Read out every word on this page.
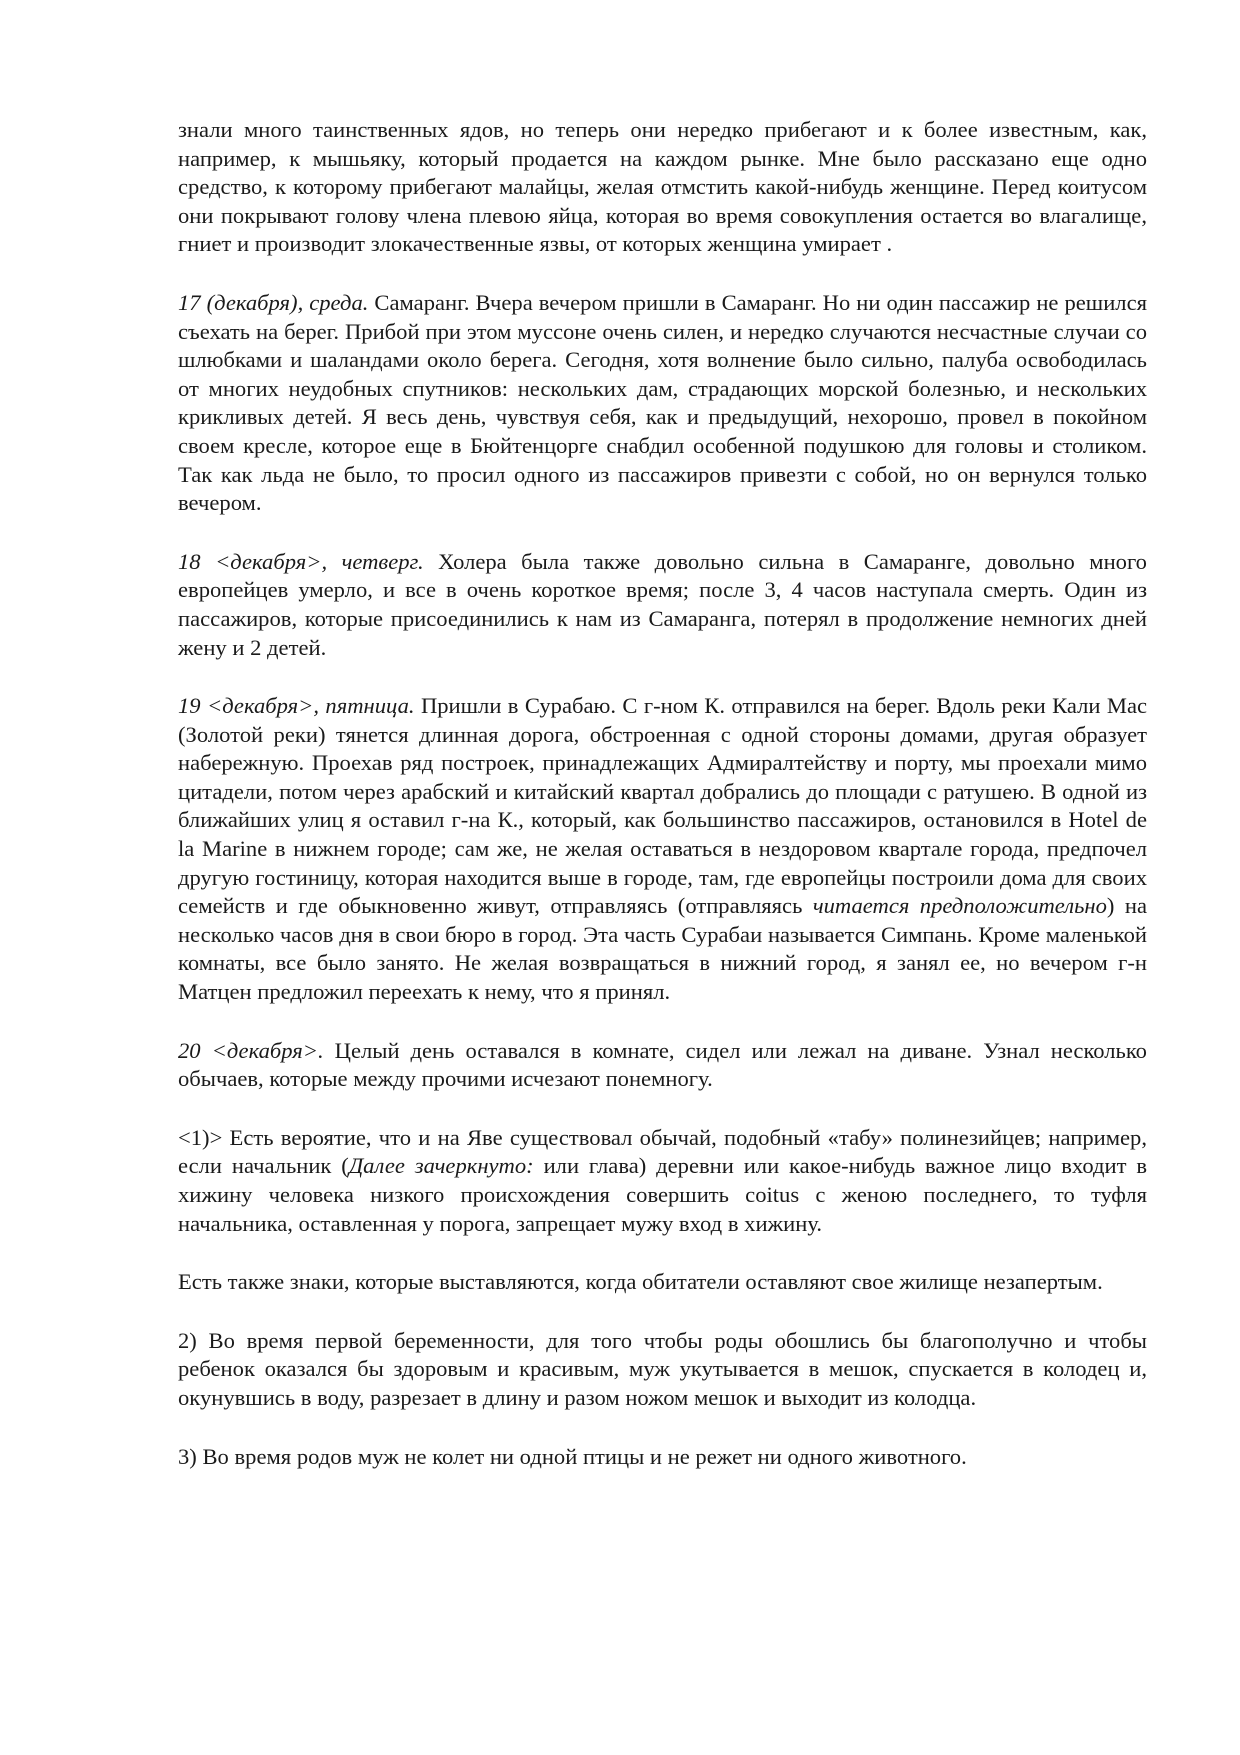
знали много таинственных ядов, но теперь они нередко прибегают и к более известным, как, например, к мышьяку, который продается на каждом рынке. Мне было рассказано еще одно средство, к которому прибегают малайцы, желая отмстить какой-нибудь женщине. Перед коитусом они покрывают голову члена плевою яйца, которая во время совокупления остается во влагалище, гниет и производит злокачественные язвы, от которых женщина умирает .

17 (декабря), среда. Самаранг. Вчера вечером пришли в Самаранг. Но ни один пассажир не решился съехать на берег. Прибой при этом муссоне очень силен, и нередко случаются несчастные случаи со шлюбками и шаландами около берега. Сегодня, хотя волнение было сильно, палуба освободилась от многих неудобных спутников: нескольких дам, страдающих морской болезнью, и нескольких крикливых детей. Я весь день, чувствуя себя, как и предыдущий, нехорошо, провел в покойном своем кресле, которое еще в Бюйтенцорге снабдил особенной подушкою для головы и столиком. Так как льда не было, то просил одного из пассажиров привезти с собой, но он вернулся только вечером.

18 <декабря>, четверг. Холера была также довольно сильна в Самаранге, довольно много европейцев умерло, и все в очень короткое время; после 3, 4 часов наступала смерть. Один из пассажиров, которые присоединились к нам из Самаранга, потерял в продолжение немногих дней жену и 2 детей.

19 <декабря>, пятница. Пришли в Сурабаю. С г-ном К. отправился на берег. Вдоль реки Кали Мас (Золотой реки) тянется длинная дорога, обстроенная с одной стороны домами, другая образует набережную. Проехав ряд построек, принадлежащих Адмиралтейству и порту, мы проехали мимо цитадели, потом через арабский и китайский квартал добрались до площади с ратушею. В одной из ближайших улиц я оставил г-на К., который, как большинство пассажиров, остановился в Hotel de la Marine в нижнем городе; сам же, не желая оставаться в нездоровом квартале города, предпочел другую гостиницу, которая находится выше в городе, там, где европейцы построили дома для своих семейств и где обыкновенно живут, отправляясь (отправляясь читается предположительно) на несколько часов дня в свои бюро в город. Эта часть Сурабаи называется Симпань. Кроме маленькой комнаты, все было занято. Не желая возвращаться в нижний город, я занял ее, но вечером г-н Матцен предложил переехать к нему, что я принял.

20 <декабря>. Целый день оставался в комнате, сидел или лежал на диване. Узнал несколько обычаев, которые между прочими исчезают понемногу.

<1)> Есть вероятие, что и на Яве существовал обычай, подобный «табу» полинезийцев; например, если начальник (Далее зачеркнуто: или глава) деревни или какое-нибудь важное лицо входит в хижину человека низкого происхождения совершить coitus с женою последнего, то туфля начальника, оставленная у порога, запрещает мужу вход в хижину.

Есть также знаки, которые выставляются, когда обитатели оставляют свое жилище незапертым.

2) Во время первой беременности, для того чтобы роды обошлись бы благополучно и чтобы ребенок оказался бы здоровым и красивым, муж укутывается в мешок, спускается в колодец и, окунувшись в воду, разрезает в длину и разом ножом мешок и выходит из колодца.

3) Во время родов муж не колет ни одной птицы и не режет ни одного животного.
